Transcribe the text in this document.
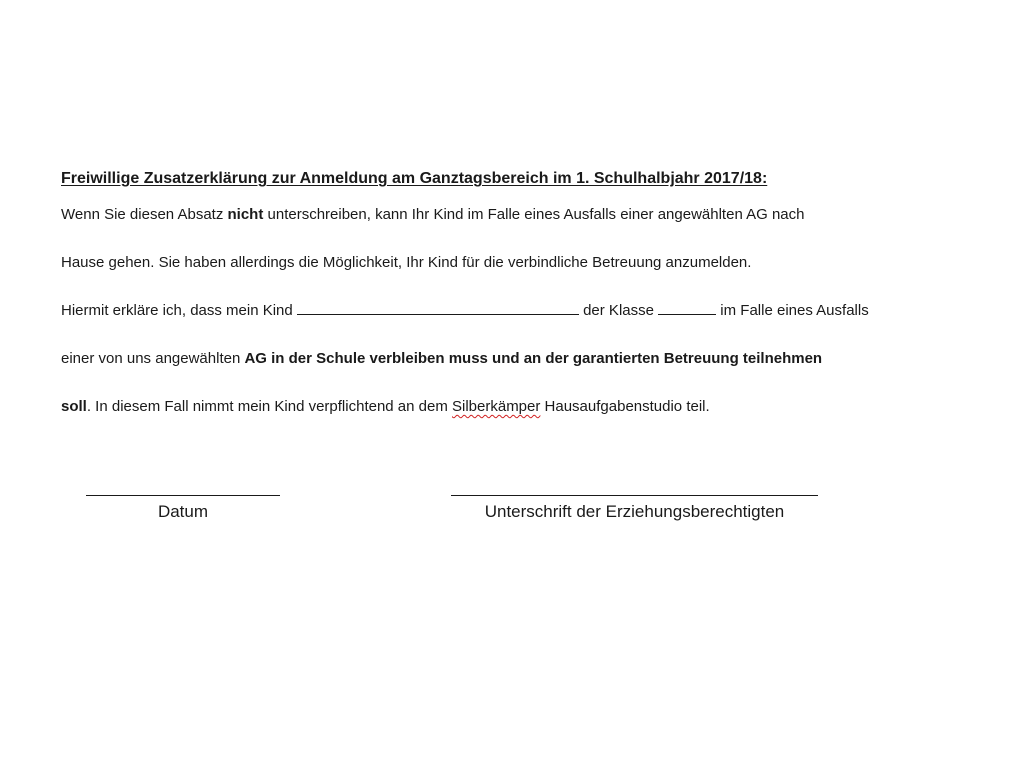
Freiwillige Zusatzerklärung zur Anmeldung am Ganztagsbereich im 1. Schulhalbjahr 2017/18:

Wenn Sie diesen Absatz nicht unterschreiben, kann Ihr Kind im Falle eines Ausfalls einer angewählten AG nach

Hause gehen. Sie haben allerdings die Möglichkeit, Ihr Kind für die verbindliche Betreuung anzumelden.

Hiermit erkläre ich, dass mein Kind	der Klasse	im Falle eines Ausfalls

einer von uns angewählten AG in der Schule verbleiben muss und an der garantierten Betreuung teilnehmen

soll. In diesem Fall nimmt mein Kind verpflichtend an dem Silberkämper Hausaufgabenstudio teil.

Datum	Unterschrift der Erziehungsberechtigten
